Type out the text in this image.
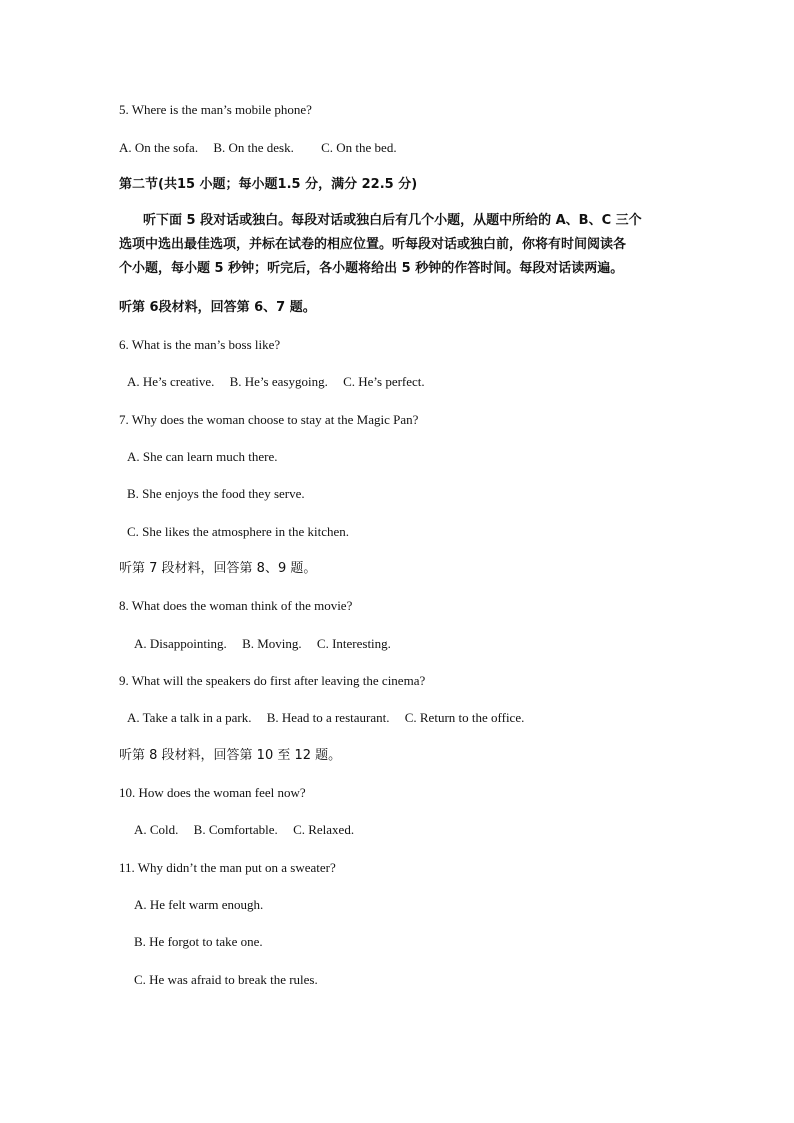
5. Where is the man’s mobile phone?
A. On the sofa. B. On the desk. C. On the bed.
第二节(共15 小题；每小题1.5 分，满分 22.5 分)
听下面 5 段对话或独白。每段对话或独白后有几个小题，从题中所给的 A、B、C 三个
选项中选出最佳选项，并标在试卷的相应位置。听每段对话或独白前，你将有时间阅读各
个小题，每小题 5 秒钟；听完后，各小题将给出 5 秒钟的作答时间。每段对话读两遍。
听第 6段材料，回答第 6、7 题。
6. What is the man’s boss like?
A. He’s creative. B. He’s easygoing. C. He’s perfect.
7. Why does the woman choose to stay at the Magic Pan?
A. She can learn much there.
B. She enjoys the food they serve.
C. She likes the atmosphere in the kitchen.
听第 7 段材料，回答第 8、9 题。
8. What does the woman think of the movie?
A. Disappointing. B. Moving. C. Interesting.
9. What will the speakers do first after leaving the cinema?
A. Take a talk in a park. B. Head to a restaurant. C. Return to the office.
听第 8 段材料，回答第 10 至 12 题。
10. How does the woman feel now?
A. Cold. B. Comfortable. C. Relaxed.
11. Why didn’t the man put on a sweater?
A. He felt warm enough.
B. He forgot to take one.
C. He was afraid to break the rules.
